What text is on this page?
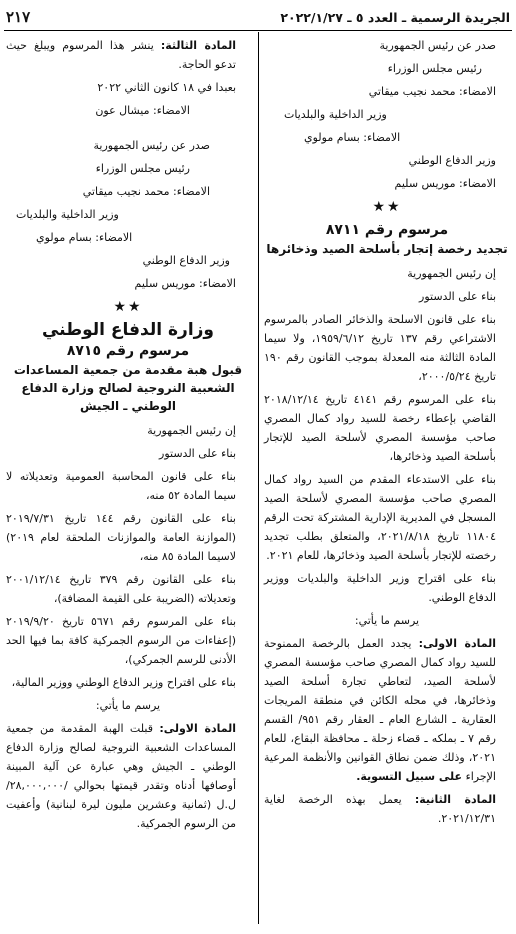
الجريدة الرسمية ـ العدد ٥ ـ ٢٠٢٢/١/٢٧
٢١٧

صدر عن رئيس الجمهورية

رئيس مجلس الوزراء

الامضاء: محمد نجيب ميقاتي

وزير الداخلية والبلديات

الامضاء: بسام مولوي

وزير الدفاع الوطني

الامضاء: موريس سليم

★★
مرسوم رقم ٨٧١١
تجديد رخصة إتجار بأسلحة الصيد وذخائرها

إن رئيس الجمهورية

بناء على الدستور

بناء على قانون الاسلحة والذخائر الصادر بالمرسوم الاشتراعي رقم ١٣٧ تاريخ ١٩٥٩/٦/١٢، ولا سيما المادة الثالثة منه المعدلة بموجب القانون رقم ١٩٠ تاريخ ٢٠٠٠/٥/٢٤،

بناء على المرسوم رقم ٤١٤١ تاريخ ٢٠١٨/١٢/١٤ القاضي بإعطاء رخصة للسيد رواد كمال المصري صاحب مؤسسة المصري لأسلحة الصيد للإتجار بأسلحة الصيد وذخائرها،

بناء على الاستدعاء المقدم من السيد رواد كمال المصري صاحب مؤسسة المصري لأسلحة الصيد المسجل في المديرية الإدارية المشتركة تحت الرقم ١١٨٠٤ تاريخ ٢٠٢١/٨/١٨، والمتعلق بطلب تجديد رخصته للإتجار بأسلحة الصيد وذخائرها، للعام ٢٠٢١.

بناء على اقتراح وزير الداخلية والبلديات ووزير الدفاع الوطني.

يرسم ما يأتي:

المادة الاولى: يجدد العمل بالرخصة الممنوحة للسيد رواد كمال المصري صاحب مؤسسة المصري لأسلحة الصيد، لتعاطي تجارة أسلحة الصيد وذخائرها، في محله الكائن في منطقة المريجات العقارية ـ الشارع العام ـ العقار رقم ٩٥١/ القسم رقم ٧ ـ بملكه ـ قضاء زحلة ـ محافظة البقاع، للعام ٢٠٢١، وذلك ضمن نطاق القوانين والأنظمة المرعية الإجراء على سبيل التسوية.

المادة الثانية: يعمل بهذه الرخصة لغاية ٢٠٢١/١٢/٣١.

المادة الثالثة: ينشر هذا المرسوم ويبلغ حيث تدعو الحاجة.

بعبدا في ١٨ كانون الثاني ٢٠٢٢

الامضاء: ميشال عون

صدر عن رئيس الجمهورية

رئيس مجلس الوزراء

الامضاء: محمد نجيب ميقاتي

وزير الداخلية والبلديات

الامضاء: بسام مولوي

وزير الدفاع الوطني

الامضاء: موريس سليم

★★
وزارة الدفاع الوطني
مرسوم رقم ٨٧١٥
قبول هبة مقدمة من جمعية المساعدات الشعبية النروجية لصالح وزارة الدفاع الوطني ـ الجيش

إن رئيس الجمهورية

بناء على الدستور

بناء على قانون المحاسبة العمومية وتعديلاته لا سيما المادة ٥٢ منه،

بناء على القانون رقم ١٤٤ تاريخ ٢٠١٩/٧/٣١ (الموازنة العامة والموازنات الملحقة لعام ٢٠١٩) لاسيما المادة ٨٥ منه،

بناء على القانون رقم ٣٧٩ تاريخ ٢٠٠١/١٢/١٤ وتعديلاته (الضريبة على القيمة المضافة)،

بناء على المرسوم رقم ٥٦٧١ تاريخ ٢٠١٩/٩/٢٠ (إعفاءات من الرسوم الجمركية كافة بما فيها الحد الأدنى للرسم الجمركي)،

بناء على اقتراح وزير الدفاع الوطني ووزير المالية،

يرسم ما يأتي:

المادة الاولى: قبلت الهبة المقدمة من جمعية المساعدات الشعبية النروجية لصالح وزارة الدفاع الوطني ـ الجيش وهي عبارة عن آلية المبينة أوصافها أدناه وتقدر قيمتها بحوالي /٢٨,٠٠٠,٠٠٠/ل.ل (ثمانية وعشرين مليون ليرة لبنانية) وأعفيت من الرسوم الجمركية.
